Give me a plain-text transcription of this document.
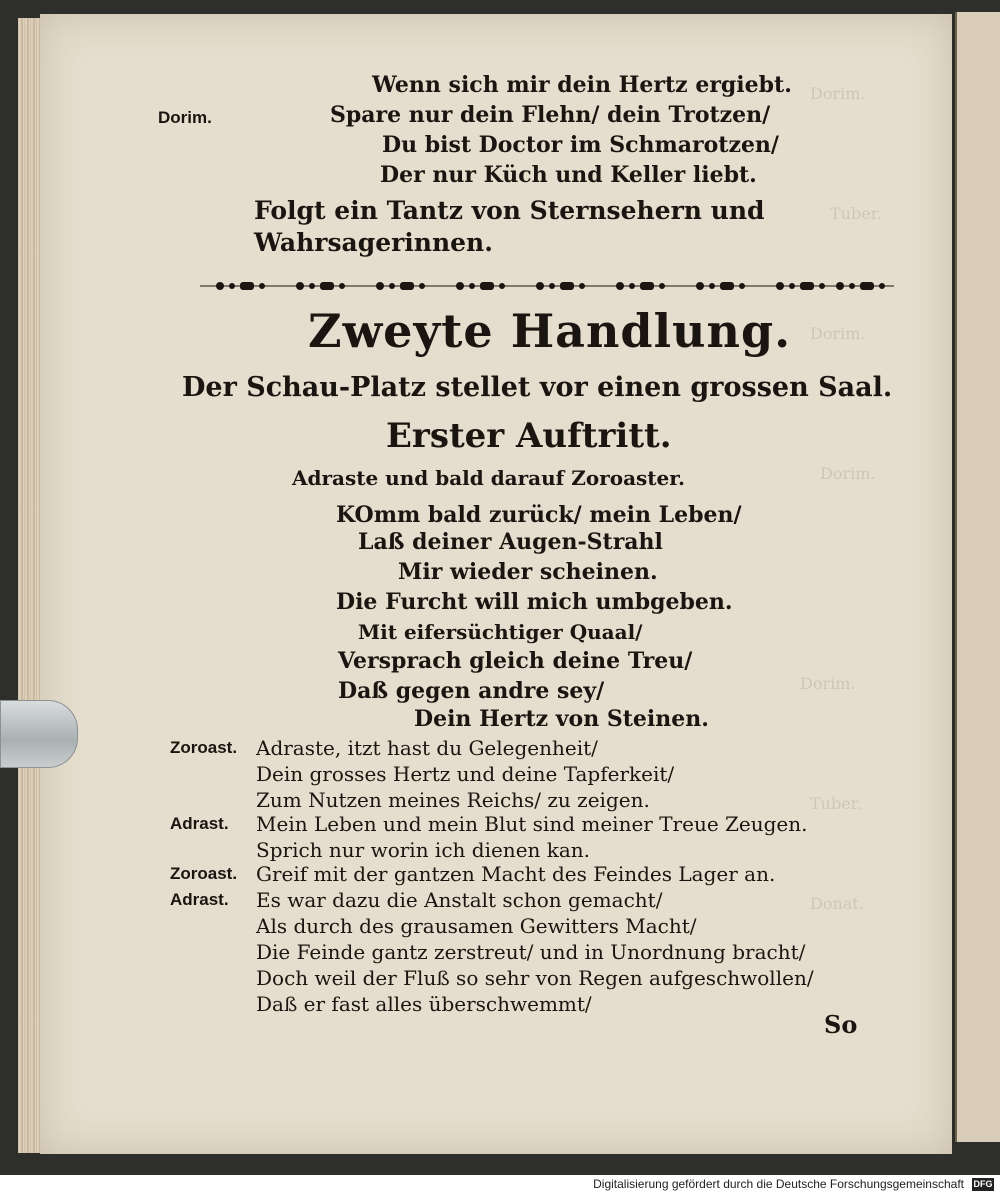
Dorim.
Tuber.
Dorim.
Dorim.
Dorim.
Tuber.
Donat.
Wenn sich mir dein Hertz ergiebt.
Dorim.	Spare nur dein Flehn/ dein Trotzen/
Du bist Doctor im Schmarotzen/
Der nur Küch und Keller liebt.
Folgt ein Tantz von Sternsehern und
Wahrsagerinnen.
Zweyte Handlung.
Der Schau-Platz stellet vor einen grossen Saal.
Erster Auftritt.
Adraste und bald darauf Zoroaster.
KOmm bald zurück/ mein Leben/
Laß deiner Augen-Strahl
Mir wieder scheinen.
Die Furcht will mich umbgeben.
Mit eifersüchtiger Quaal/
Versprach gleich deine Treu/
Daß gegen andre sey/
Dein Hertz von Steinen.
Zoroast. Adraste, itzt hast du Gelegenheit/
Dein grosses Hertz und deine Tapferkeit/
Zum Nutzen meines Reichs/ zu zeigen.
Adrast. Mein Leben und mein Blut sind meiner Treue Zeugen.
Sprich nur worin ich dienen kan.
Zoroast. Greif mit der gantzen Macht des Feindes Lager an.
Adrast. Es war dazu die Anstalt schon gemacht/
Als durch des grausamen Gewitters Macht/
Die Feinde gantz zerstreut/ und in Unordnung bracht/
Doch weil der Fluß so sehr von Regen aufgeschwollen/
Daß er fast alles überschwemmt/
So
Digitalisierung gefördert durch die Deutsche Forschungsgemeinschaft DFG
